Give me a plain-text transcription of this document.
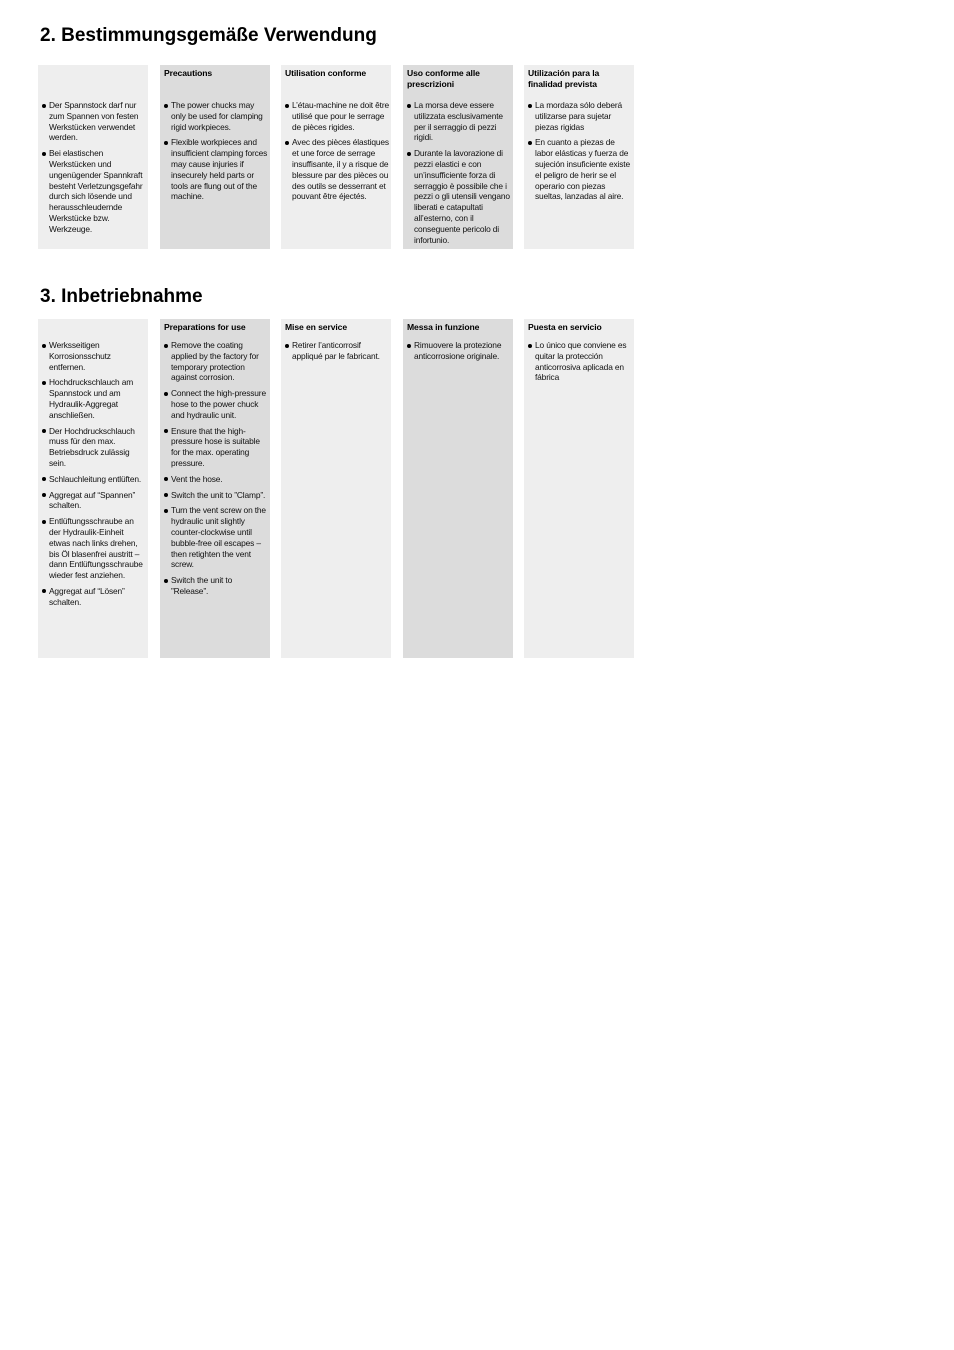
2. Bestimmungsgemäße Verwendung
Der Spannstock darf nur zum Spannen von festen Werkstücken verwendet werden.
Bei elastischen Werkstücken und ungenügender Spannkraft besteht Verletzungsgefahr durch sich lösende und herausschleudernde Werkstücke bzw. Werkzeuge.
Precautions
The power chucks may only be used for clamping rigid workpieces.
Flexible workpieces and insufficient clamping forces may cause injuries if insecurely held parts or tools are flung out of the machine.
Utilisation conforme
L’étau-machine ne doit être utilisé que pour le serrage de pièces rigides.
Avec des pièces élastiques et une force de serrage insuffisante, il y a risque de blessure par des pièces ou des outils se desserrant et pouvant être éjectés.
Uso conforme alle prescrizioni
La morsa deve essere utilizzata esclusivamente per il serraggio di pezzi rigidi.
Durante la lavorazione di pezzi elastici e con un’insufficiente forza di serraggio è possibile che i pezzi o gli utensili vengano liberati e catapultati all’esterno, con il conseguente pericolo di infortunio.
Utilización para la finalidad prevista
La mordaza sólo deberá utilizarse para sujetar piezas rigidas
En cuanto a piezas de labor elásticas y fuerza de sujeción insuficiente existe el peligro de herir se el operario con piezas sueltas, lanzadas al aire.
3. Inbetriebnahme
Werksseitigen Korrosionsschutz entfernen.
Hochdruckschlauch am Spannstock und am Hydraulik-Aggregat anschließen.
Der Hochdruckschlauch muss für den max. Betriebsdruck zulässig sein.
Schlauchleitung entlüften.
Aggregat auf “Spannen” schalten.
Entlüftungsschraube an der Hydraulik-Einheit etwas nach links drehen, bis Öl blasenfrei austritt – dann Entlüftungsschraube wieder fest anziehen.
Aggregat auf “Lösen” schalten.
Preparations for use
Remove the coating applied by the factory for temporary protection against corrosion.
Connect the high-pressure hose to the power chuck and hydraulic unit.
Ensure that the high-pressure hose is suitable for the max. operating pressure.
Vent the hose.
Switch the unit to ”Clamp”.
Turn the vent screw on the hydraulic unit slightly counter-clockwise until bubble-free oil escapes – then retighten the vent screw.
Switch the unit to ”Release”.
Mise en service
Retirer l’anticorrosif appliqué par le fabricant.
Messa in funzione
Rimuovere la protezione anticorrosione originale.
Puesta en servicio
Lo único que conviene es quitar la protección anticorrosiva aplicada en fábrica
